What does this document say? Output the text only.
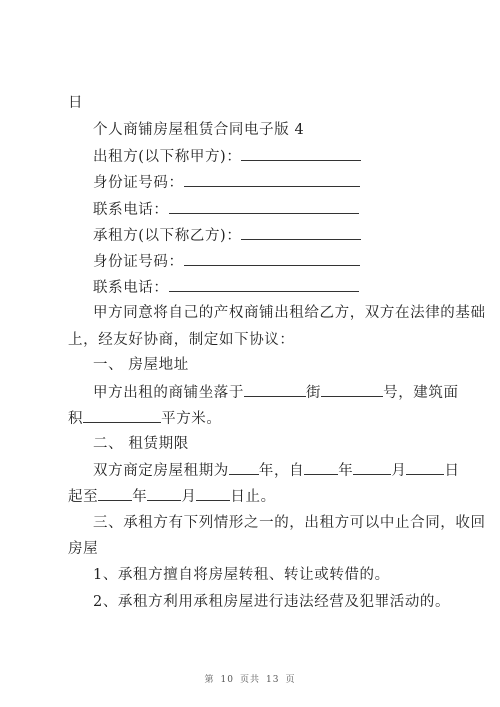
日
个人商铺房屋租赁合同电子版 4
出租方(以下称甲方)：
身份证号码：
联系电话：
承租方(以下称乙方)：
身份证号码：
联系电话：
甲方同意将自己的产权商铺出租给乙方，双方在法律的基础
上，经友好协商，制定如下协议：
一、 房屋地址
甲方出租的商铺坐落于	街	号，建筑面
积	平方米。
二、 租赁期限
双方商定房屋租期为 年，自 年	月	日
起至 年 月 日止。
三、承租方有下列情形之一的，出租方可以中止合同，收回
房屋
1、承租方擅自将房屋转租、转让或转借的。
2、承租方利用承租房屋进行违法经营及犯罪活动的。
第 10 页共 13 页
